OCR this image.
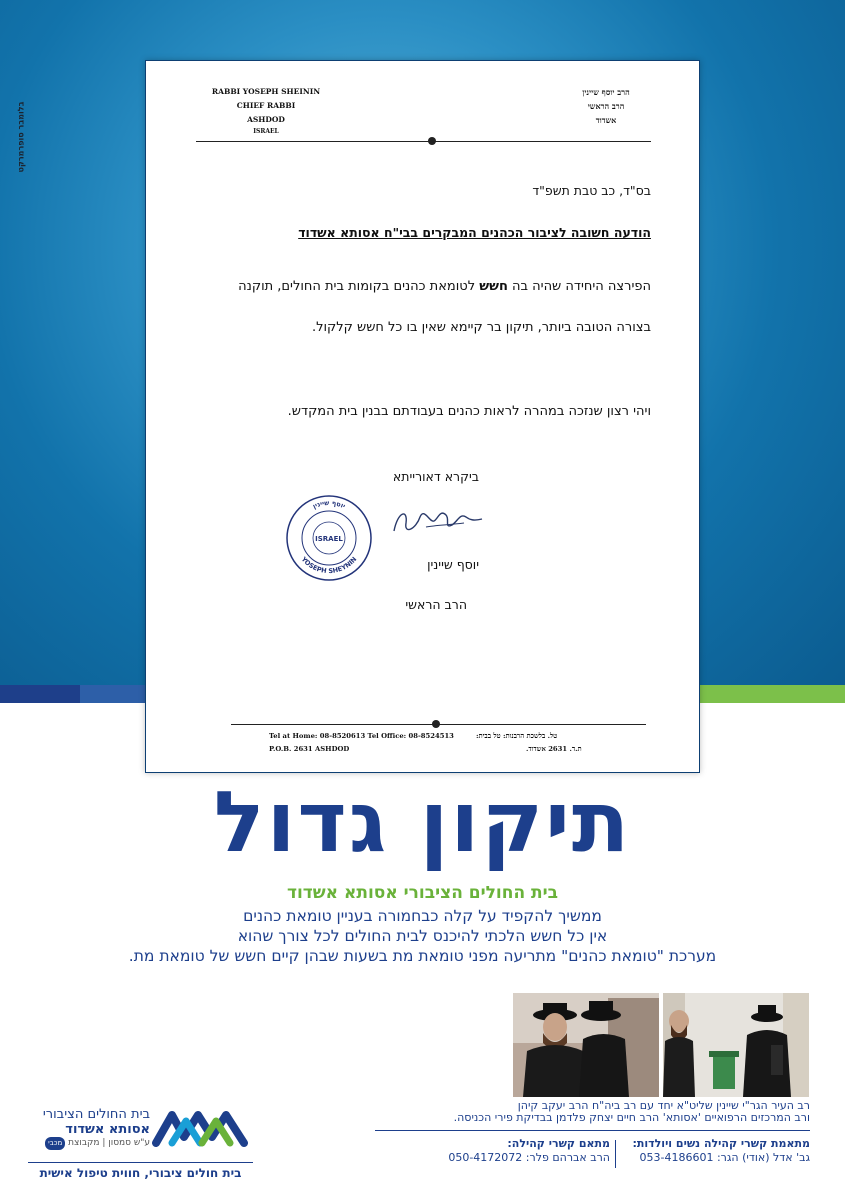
בלומבר סופרמרקט
RABBI YOSEPH SHEININ
CHIEF RABBI
ASHDOD
ISRAEL
הרב יוסף שיינין
הרב הראשי
אשדוד
בס"ד, כב טבת תשפ"ד
הודעה חשובה לציבור הכהנים המבקרים בבי"ח אסותא אשדוד
הפירצה היחידה שהיה בה חשש לטומאת כהנים בקומות בית החולים, תוקנה בצורה הטובה ביותר, תיקון בר קיימא שאין בו כל חשש קלקול.
ויהי רצון שנזכה במהרה לראות כהנים בעבודתם בבנין בית המקדש.
ביקרא דאורייתא
יוסף שיינין
YOSEPH SHEYNIN
ISRAEL
יוסף שיינין
הרב הראשי
Tel at Home: 08-8520613 Tel Office: 08-8524513
P.O.B. 2631 ASHDOD
טל. בלשכת הרבנות: טל בבית:
ת.ד. 2631 אשדוד.
תיקון גדול
בית החולים הציבורי אסותא אשדוד
ממשיך להקפיד על קלה כבחמורה בעניין טומאת כהנים
אין כל חשש הלכתי להיכנס לבית החולים לכל צורך שהוא
מערכת "טומאת כהנים" מתריעה מפני טומאת מת בשעות שבהן קיים חשש של טומאת מת.
רב העיר הגר"י שיינין שליט"א יחד עם רב ביה"ח הרב יעקב קיהן
ורב המרכזים הרפואיים 'אסותא' הרב חיים יצחק פלדמן בבדיקת פירי הכניסה.
מתאמת קשרי קהילה נשים ויולדות:
גב' אדל (אודי) הגר: 053-4186601
מתאם קשרי קהילה:
הרב אברהם פלר: 050-4172072
בית החולים הציבורי
אסותא אשדוד
ע"ש סמסון | מקבוצת מכבי
בית חולים ציבורי, חווית טיפול אישית
